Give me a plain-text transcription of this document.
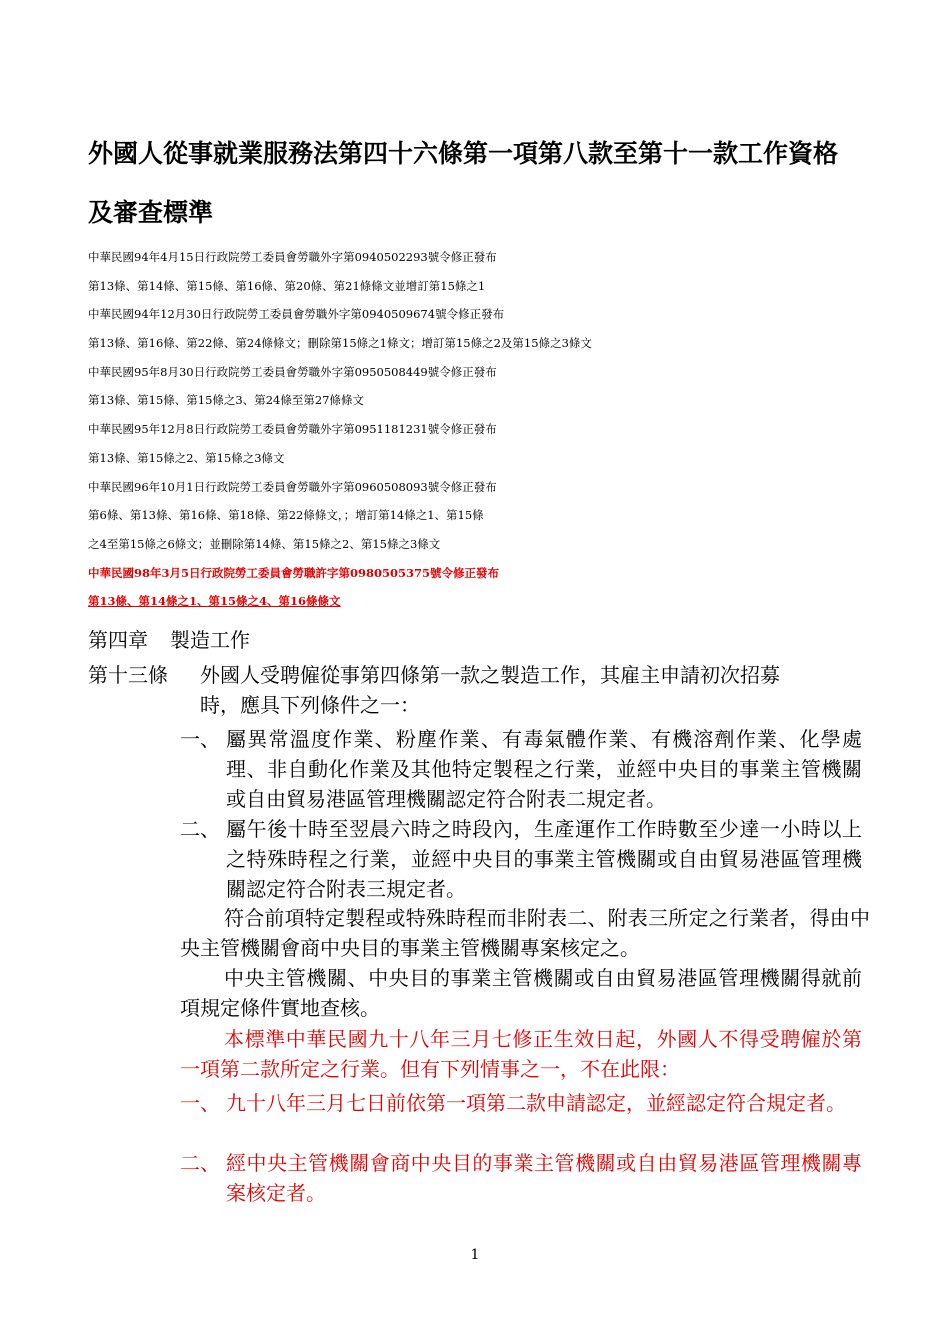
外國人從事就業服務法第四十六條第一項第八款至第十一款工作資格
及審查標準
中華民國94年4月15日行政院勞工委員會勞職外字第0940502293號令修正發布
第13條、第14條、第15條、第16條、第20條、第21條條文並增訂第15條之1
中華民國94年12月30日行政院勞工委員會勞職外字第0940509674號令修正發布
第13條、第16條、第22條、第24條條文；刪除第15條之1條文；增訂第15條之2及第15條之3條文
中華民國95年8月30日行政院勞工委員會勞職外字第0950508449號令修正發布
第13條、第15條、第15條之3、第24條至第27條條文
中華民國95年12月8日行政院勞工委員會勞職外字第0951181231號令修正發布
第13條、第15條之2、第15條之3條文
中華民國96年10月1日行政院勞工委員會勞職外字第0960508093號令修正發布
第6條、第13條、第16條、第18條、第22條條文，；增訂第14條之1、第15條
之4至第15條之6條文；並刪除第14條、第15條之2、第15條之3條文
中華民國98年3月5日行政院勞工委員會勞職許字第0980505375號令修正發布
第13條、第14條之1、第15條之4、第16條條文
第四章 製造工作
第十三條 外國人受聘僱從事第四條第一款之製造工作，其雇主申請初次招募
時，應具下列條件之一：
一、 屬異常溫度作業、粉塵作業、有毒氣體作業、有機溶劑作業、化學處理、非自動化作業及其他特定製程之行業，並經中央目的事業主管機關或自由貿易港區管理機關認定符合附表二規定者。
二、 屬午後十時至翌晨六時之時段內，生產運作工作時數至少達一小時以上之特殊時程之行業，並經中央目的事業主管機關或自由貿易港區管理機關認定符合附表三規定者。
符合前項特定製程或特殊時程而非附表二、附表三所定之行業者，得由中央主管機關會商中央目的事業主管機關專案核定之。
中央主管機關、中央目的事業主管機關或自由貿易港區管理機關得就前項規定條件實地查核。
本標準中華民國九十八年三月七修正生效日起，外國人不得受聘僱於第一項第二款所定之行業。但有下列情事之一，不在此限：
一、 九十八年三月七日前依第一項第二款申請認定，並經認定符合規定者。
二、 經中央主管機關會商中央目的事業主管機關或自由貿易港區管理機關專案核定者。
1
